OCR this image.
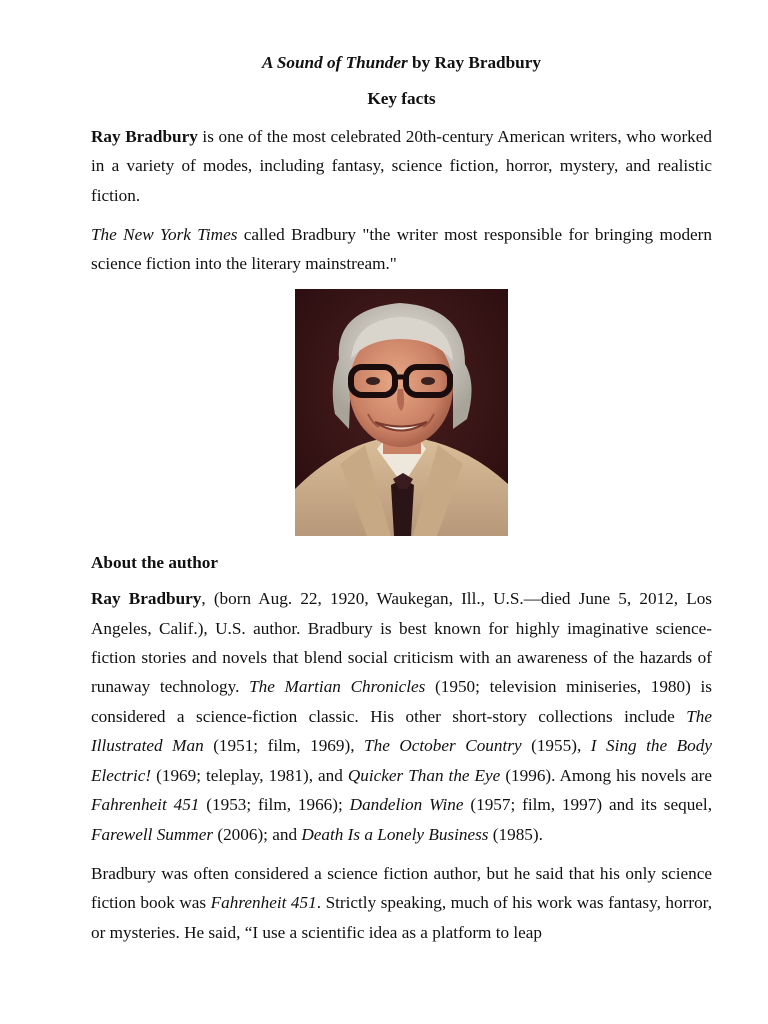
A Sound of Thunder by Ray Bradbury
Key facts

Ray Bradbury is one of the most celebrated 20th-century American writers, who worked in a variety of modes, including fantasy, science fiction, horror, mystery, and realistic fiction.

The New York Times called Bradbury "the writer most responsible for bringing modern science fiction into the literary mainstream."

About the author

Ray Bradbury, (born Aug. 22, 1920, Waukegan, Ill., U.S.—died June 5, 2012, Los Angeles, Calif.), U.S. author. Bradbury is best known for highly imaginative science-fiction stories and novels that blend social criticism with an awareness of the hazards of runaway technology. The Martian Chronicles (1950; television miniseries, 1980) is considered a science-fiction classic. His other short-story collections include The Illustrated Man (1951; film, 1969), The October Country (1955), I Sing the Body Electric! (1969; teleplay, 1981), and Quicker Than the Eye (1996). Among his novels are Fahrenheit 451 (1953; film, 1966); Dandelion Wine (1957; film, 1997) and its sequel, Farewell Summer (2006); and Death Is a Lonely Business (1985).

Bradbury was often considered a science fiction author, but he said that his only science fiction book was Fahrenheit 451. Strictly speaking, much of his work was fantasy, horror, or mysteries. He said, “I use a scientific idea as a platform to leap
